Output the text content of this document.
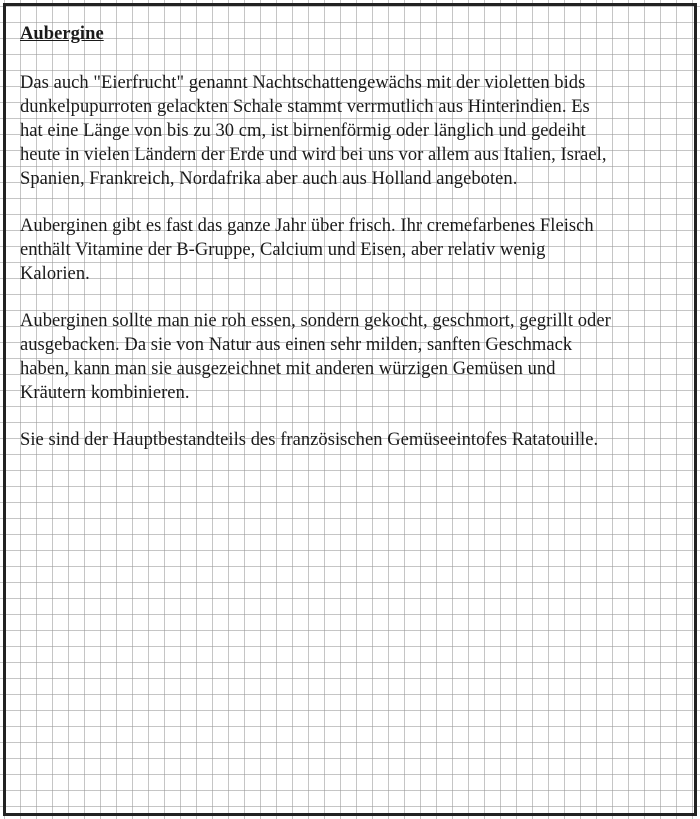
Aubergine
Das auch "Eierfrucht" genannt Nachtschattengewächs mit der violetten bids
dunkelpupurroten gelackten Schale stammt verrmutlich aus Hinterindien. Es
hat eine Länge von bis zu 30 cm, ist birnenförmig oder länglich und gedeiht
heute in vielen Ländern der Erde und wird bei uns vor allem aus Italien, Israel,
Spanien, Frankreich, Nordafrika aber auch aus Holland angeboten.
Auberginen gibt es fast das ganze Jahr über frisch. Ihr cremefarbenes Fleisch
enthält Vitamine der B-Gruppe, Calcium und Eisen, aber relativ wenig
Kalorien.
Auberginen sollte man nie roh essen, sondern gekocht, geschmort, gegrillt oder
ausgebacken. Da sie von Natur aus einen sehr milden, sanften Geschmack
haben, kann man sie ausgezeichnet mit anderen würzigen Gemüsen und
Kräutern kombinieren.
Sie sind der Hauptbestandteils des französischen Gemüseeintofes Ratatouille.
